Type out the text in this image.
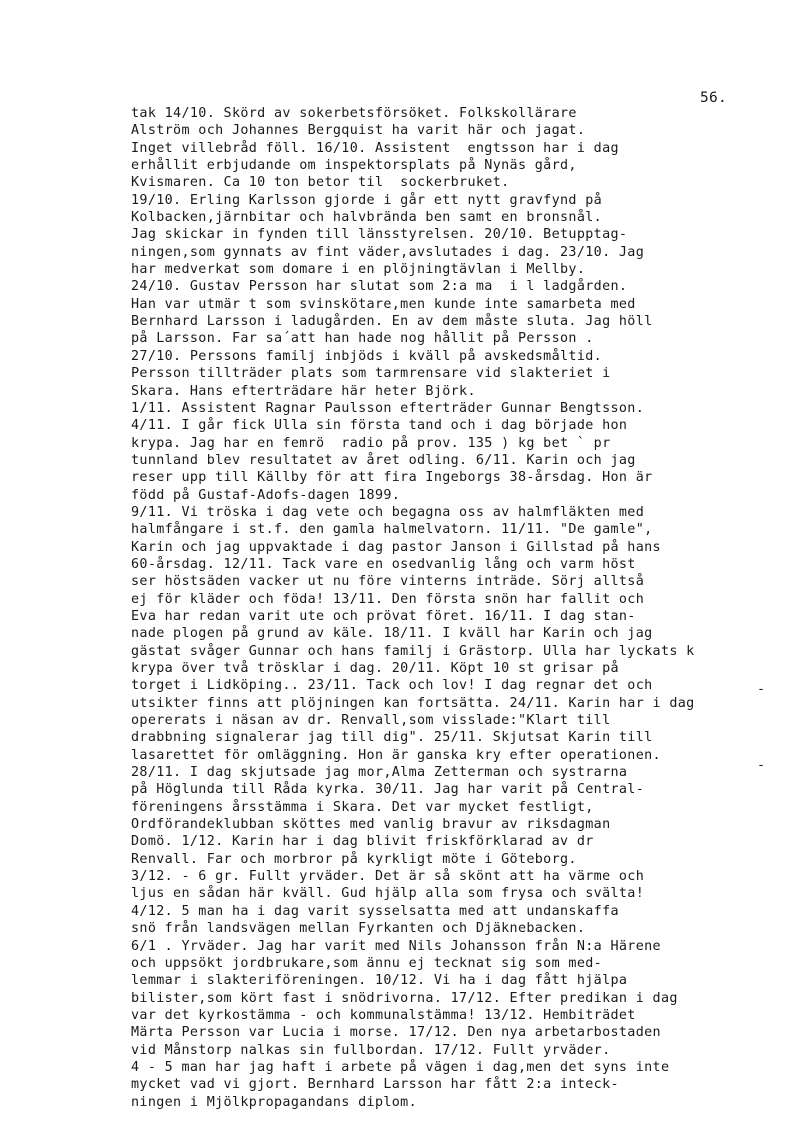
56.
tak 14/10. Skörd av sokerbetsförsöket. Folkskollärare
Alström och Johannes Bergquist ha varit här och jagat.
Inget villebråd föll. 16/10. Assistent  engtsson har i dag
erhållit erbjudande om inspektorsplats på Nynäs gård,
Kvismaren. Ca 10 ton betor til  sockerbruket.
19/10. Erling Karlsson gjorde i går ett nytt gravfynd på
Kolbacken,järnbitar och halvbrända ben samt en bronsnål.
Jag skickar in fynden till länsstyrelsen. 20/10. Betupptag-
ningen,som gynnats av fint väder,avslutades i dag. 23/10. Jag
har medverkat som domare i en plöjningtävlan i Mellby.
24/10. Gustav Persson har slutat som 2:a ma  i l ladgården.
Han var utmär t som svinskötare,men kunde inte samarbeta med
Bernhard Larsson i ladugården. En av dem måste sluta. Jag höll
på Larsson. Far sa´att han hade nog hållit på Persson .
27/10. Perssons familj inbjöds i kväll på avskedsmåltid.
Persson tillträder plats som tarmrensare vid slakteriet i
Skara. Hans efterträdare här heter Björk.
1/11. Assistent Ragnar Paulsson efterträder Gunnar Bengtsson.
4/11. I går fick Ulla sin första tand och i dag började hon
krypa. Jag har en femrö  radio på prov. 135 ) kg bet ` pr
tunnland blev resultatet av året odling. 6/11. Karin och jag
reser upp till Källby för att fira Ingeborgs 38-årsdag. Hon är
född på Gustaf-Adofs-dagen 1899.
9/11. Vi tröska i dag vete och begagna oss av halmfläkten med
halmfångare i st.f. den gamla halmelvatorn. 11/11. "De gamle",
Karin och jag uppvaktade i dag pastor Janson i Gillstad på hans
60-årsdag. 12/11. Tack vare en osedvanlig lång och varm höst
ser höstsäden vacker ut nu före vinterns inträde. Sörj alltså
ej för kläder och föda! 13/11. Den första snön har fallit och
Eva har redan varit ute och prövat föret. 16/11. I dag stan-
nade plogen på grund av käle. 18/11. I kväll har Karin och jag
gästat svåger Gunnar och hans familj i Grästorp. Ulla har lyckats k
krypa över två trösklar i dag. 20/11. Köpt 10 st grisar på
torget i Lidköping.. 23/11. Tack och lov! I dag regnar det och
utsikter finns att plöjningen kan fortsätta. 24/11. Karin har i dag
opererats i näsan av dr. Renvall,som visslade:"Klart till
drabbning signalerar jag till dig". 25/11. Skjutsat Karin till
lasarettet för omläggning. Hon är ganska kry efter operationen.
28/11. I dag skjutsade jag mor,Alma Zetterman och systrarna
på Höglunda till Råda kyrka. 30/11. Jag har varit på Central-
föreningens årsstämma i Skara. Det var mycket festligt,
Ordförandeklubban sköttes med vanlig bravur av riksdagman
Domö. 1/12. Karin har i dag blivit friskförklarad av dr
Renvall. Far och morbror på kyrkligt möte i Göteborg.
3/12. - 6 gr. Fullt yrväder. Det är så skönt att ha värme och
ljus en sådan här kväll. Gud hjälp alla som frysa och svälta!
4/12. 5 man ha i dag varit sysselsatta med att undanskaffa
snö från landsvägen mellan Fyrkanten och Djäknebacken.
6/1 . Yrväder. Jag har varit med Nils Johansson från N:a Härene
och uppsökt jordbrukare,som ännu ej tecknat sig som med-
lemmar i slakteriföreningen. 10/12. Vi ha i dag fått hjälpa
bilister,som kört fast i snödrivorna. 17/12. Efter predikan i dag
var det kyrkostämma - och kommunalstämma! 13/12. Hembiträdet
Märta Persson var Lucia i morse. 17/12. Den nya arbetarbostaden
vid Månstorp nalkas sin fullbordan. 17/12. Fullt yrväder.
4 - 5 man har jag haft i arbete på vägen i dag,men det syns inte
mycket vad vi gjort. Bernhard Larsson har fått 2:a inteck-
ningen i Mjölkpropagandans diplom.
-
-
